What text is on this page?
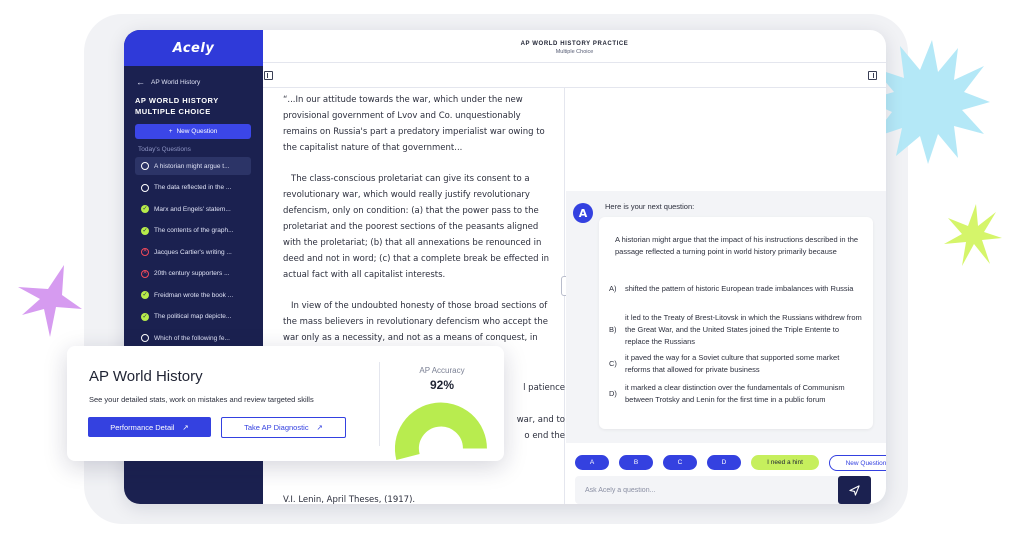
Acely
← AP World History
AP WORLD HISTORY MULTIPLE CHOICE
+ New Question
Today's Questions
A historian might argue t...
The data reflected in the ...
✓ Marx and Engels' statem...
✓ The contents of the graph...
✕ Jacques Cartier's writing ...
✕ 20th century supporters ...
✓ Freidman wrote the book ...
✓ The political map depicte...
Which of the following fe...
AP WORLD HISTORY PRACTICE
Multiple Choice

“...In our attitude towards the war, which under the new provisional government of Lvov and Co. unquestionably remains on Russia's part a predatory imperialist war owing to the capitalist nature of that government...

The class-conscious proletariat can give its consent to a revolutionary war, which would really justify revolutionary defencism, only on condition: (a) that the power pass to the proletariat and the poorest sections of the peasants aligned with the proletariat; (b) that all annexations be renounced in deed and not in word; (c) that a complete break be effected in actual fact with all capitalist interests.

In view of the undoubted honesty of those broad sections of the mass believers in revolutionary defencism who accept the war only as a necessity, and not as a means of conquest, in

l patience
war, and to
o end the
V.I. Lenin, April Theses, (1917).
A	Here is your next question:
A historian might argue that the impact of his instructions described in the passage reflected a turning point in world history primarily because
A)	shifted the pattern of historic European trade imbalances with Russia
B)
it led to the Treaty of Brest-Litovsk in which the Russians withdrew from the Great War, and the United States joined the Triple Entente to replace the Russians
C)
it paved the way for a Soviet culture that supported some market reforms that allowed for private business
D)
it marked a clear distinction over the fundamentals of Communism between Trotsky and Lenin for the first time in a public forum
A	B	C	D	I need a hint	New Question
Ask Acely a question...
AP World History
See your detailed stats, work on mistakes and review targeted skills
Performance Detail ↗	Take AP Diagnostic ↗
AP Accuracy
92%
